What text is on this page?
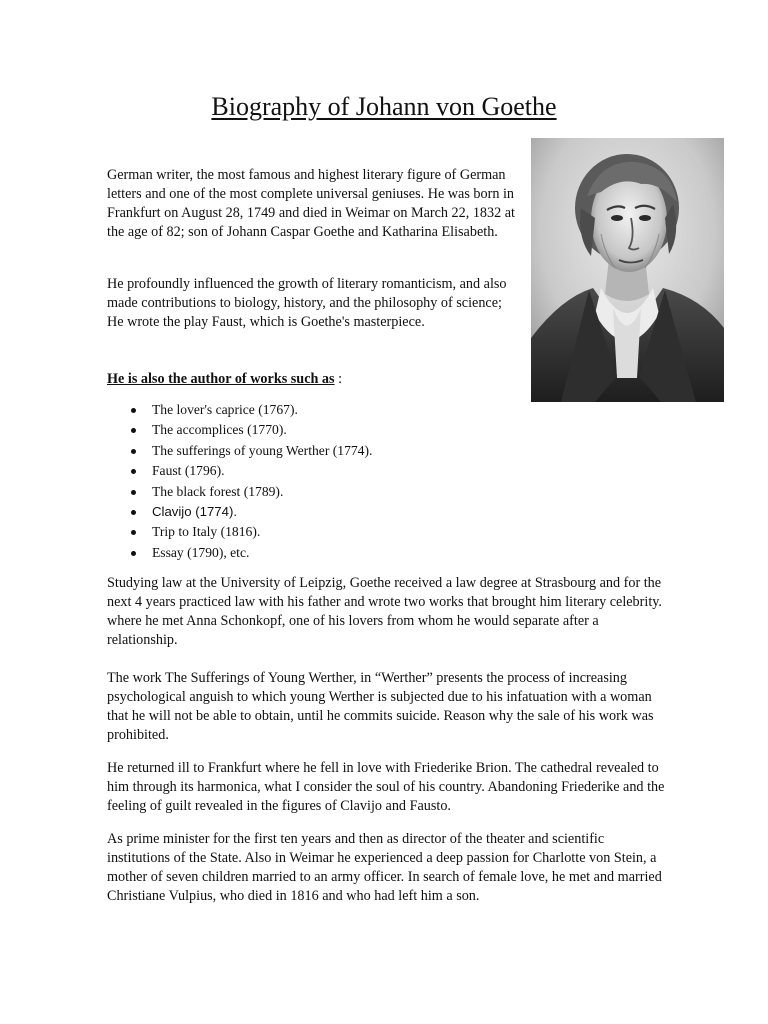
Biography of Johann von Goethe

German writer, the most famous and highest literary figure of German letters and one of the most complete universal geniuses. He was born in Frankfurt on August 28, 1749 and died in Weimar on March 22, 1832 at the age of 82; son of Johann Caspar Goethe and Katharina Elisabeth.

He profoundly influenced the growth of literary romanticism, and also made contributions to biology, history, and the philosophy of science; He wrote the play Faust, which is Goethe's masterpiece.

He is also the author of works such as :

The lover's caprice (1767).
The accomplices (1770).
The sufferings of young Werther (1774).
Faust (1796).
The black forest (1789).
Clavijo (1774).
Trip to Italy (1816).
Essay (1790), etc.

Studying law at the University of Leipzig, Goethe received a law degree at Strasbourg and for the next 4 years practiced law with his father and wrote two works that brought him literary celebrity. where he met Anna Schonkopf, one of his lovers from whom he would separate after a relationship.

The work The Sufferings of Young Werther, in “Werther” presents the process of increasing psychological anguish to which young Werther is subjected due to his infatuation with a woman that he will not be able to obtain, until he commits suicide. Reason why the sale of his work was prohibited.

He returned ill to Frankfurt where he fell in love with Friederike Brion. The cathedral revealed to him through its harmonica, what I consider the soul of his country. Abandoning Friederike and the feeling of guilt revealed in the figures of Clavijo and Fausto.

As prime minister for the first ten years and then as director of the theater and scientific institutions of the State. Also in Weimar he experienced a deep passion for Charlotte von Stein, a mother of seven children married to an army officer. In search of female love, he met and married Christiane Vulpius, who died in 1816 and who had left him a son.
